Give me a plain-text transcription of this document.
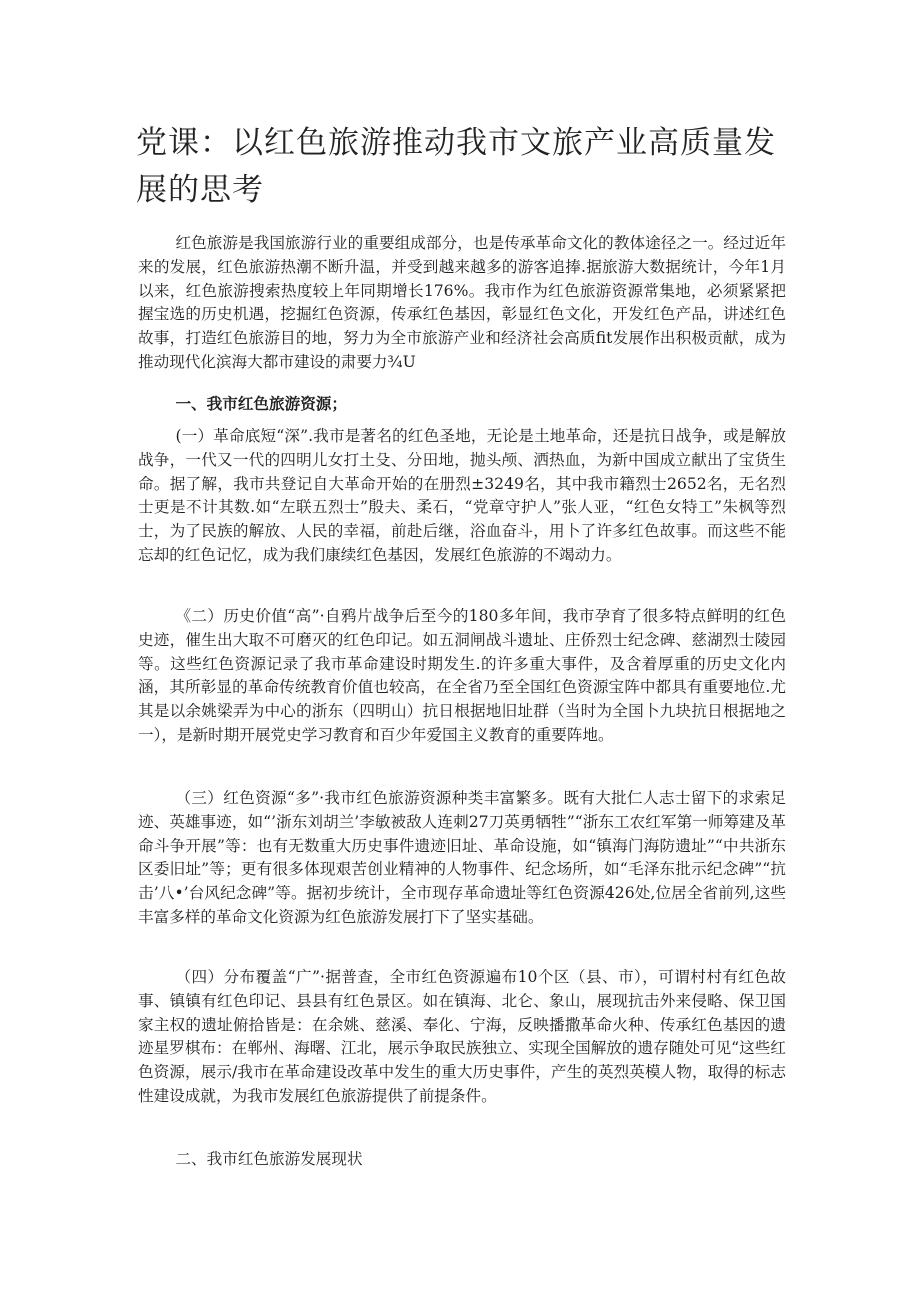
党课：以红色旅游推动我市文旅产业高质量发展的思考

红色旅游是我国旅游行业的重要组成部分，也是传承革命文化的教体途径之一。经过近年来的发展，红色旅游热潮不断升温，并受到越来越多的游客追捧.据旅游大数据统计，今年1月以来，红色旅游搜索热度较上年同期增长176%。我市作为红色旅游资源常集地，必须紧紧把握宝选的历史机遇，挖掘红色资源，传承红色基因，彰显红色文化，开发红色产品，讲述红色故事，打造红色旅游目的地，努力为全市旅游产业和经济社会高质fit发展作出积极贡献，成为推动现代化滨海大都市建设的肃要力¾U

一、我市红色旅游资源；

(一）革命底短“深”.我市是著名的红色圣地，无论是土地革命，还是抗日战争，或是解放战争，一代又一代的四明儿女打土殳、分田地，抛头颅、洒热血，为新中国成立献出了宝货生命。据了解，我市共登记自大革命开始的在册烈±3249名，其中我市籍烈士2652名，无名烈士更是不计其数.如“左联五烈士”殷夫、柔石，“党章守护人”张人亚，“红色女特工”朱枫等烈士，为了民族的解放、人民的幸福，前赴后继，浴血奋斗，用卜了许多红色故事。而这些不能忘却的红色记忆，成为我们康续红色基因，发展红色旅游的不竭动力。

《二）历史价值“高”·自鸦片战争后至今的180多年间，我市孕育了很多特点鲜明的红色史迹，催生出大取不可磨灭的红色印记。如五洞闸战斗遗址、庄侨烈士纪念碑、慈湖烈士陵园等。这些红色资源记录了我市革命建设时期发生.的许多重大事件，及含着厚重的历史文化内涵，其所彰显的革命传统教育价值也较高，在全省乃至全国红色资源宝阵中都具有重要地位.尤其是以余姚梁弄为中心的浙东（四明山）抗日根据地旧址群（当时为全国卜九块抗日根据地之一），是新时期开展党史学习教育和百少年爱国主义教育的重要阵地。

（三）红色资源“多”·我市红色旅游资源种类丰富繁多。既有大批仁人志士留下的求索足迹、英雄事迹，如“’浙东刘胡兰’李敏被敌人连刺27刀英勇牺牲”“浙东工农红军第一师筹建及革命斗争开展”等：也有无数重大历史事件遗迹旧址、革命设施，如“镇海门海防遗址”“中共浙东区委旧址”等；更有很多体现艰苦创业精神的人物事件、纪念场所，如“毛泽东批示纪念碑”“抗击’八•’台风纪念碑”等。据初步统计，全市现存革命遗址等红色资源426处,位居全省前列,这些丰富多样的革命文化资源为红色旅游发展打下了坚实基础。

（四）分布覆盖“广”·据普查，全市红色资源遍布10个区（县、市），可谓村村有红色故事、镇镇有红色印记、县县有红色景区。如在镇海、北仑、象山，展现抗击外来侵略、保卫国家主权的遗址俯拾皆是：在余姚、慈溪、奉化、宁海，反映播撒革命火种、传承红色基因的遗迹星罗棋布：在郸州、海曙、江北，展示争取民族独立、实现全国解放的遗存随处可见“这些红色资源，展示/我市在革命建设改革中发生的重大历史事件，产生的英烈英模人物，取得的标志性建设成就，为我市发展红色旅游提供了前提条件。

二、我市红色旅游发展现状
